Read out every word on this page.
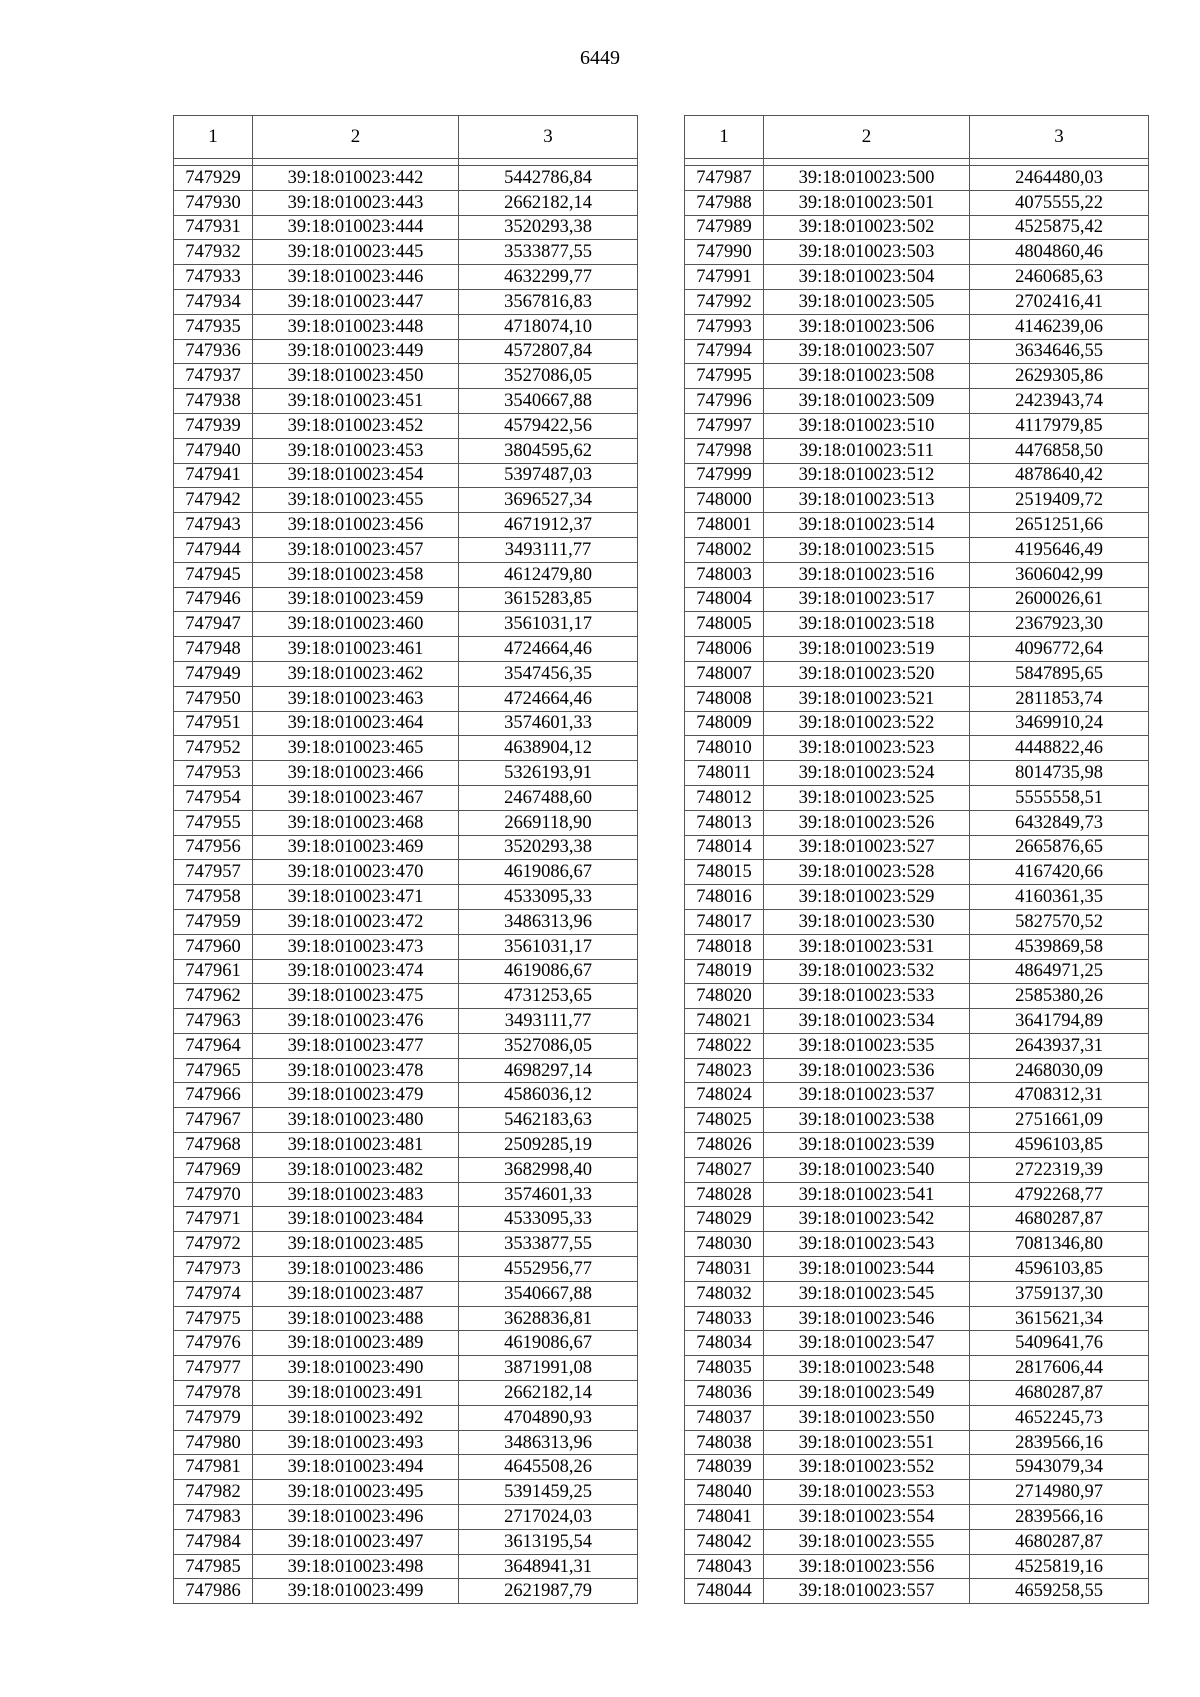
6449
1	2	3

747929	39:18:010023:442	5442786,84
747930	39:18:010023:443	2662182,14
747931	39:18:010023:444	3520293,38
747932	39:18:010023:445	3533877,55
747933	39:18:010023:446	4632299,77
747934	39:18:010023:447	3567816,83
747935	39:18:010023:448	4718074,10
747936	39:18:010023:449	4572807,84
747937	39:18:010023:450	3527086,05
747938	39:18:010023:451	3540667,88
747939	39:18:010023:452	4579422,56
747940	39:18:010023:453	3804595,62
747941	39:18:010023:454	5397487,03
747942	39:18:010023:455	3696527,34
747943	39:18:010023:456	4671912,37
747944	39:18:010023:457	3493111,77
747945	39:18:010023:458	4612479,80
747946	39:18:010023:459	3615283,85
747947	39:18:010023:460	3561031,17
747948	39:18:010023:461	4724664,46
747949	39:18:010023:462	3547456,35
747950	39:18:010023:463	4724664,46
747951	39:18:010023:464	3574601,33
747952	39:18:010023:465	4638904,12
747953	39:18:010023:466	5326193,91
747954	39:18:010023:467	2467488,60
747955	39:18:010023:468	2669118,90
747956	39:18:010023:469	3520293,38
747957	39:18:010023:470	4619086,67
747958	39:18:010023:471	4533095,33
747959	39:18:010023:472	3486313,96
747960	39:18:010023:473	3561031,17
747961	39:18:010023:474	4619086,67
747962	39:18:010023:475	4731253,65
747963	39:18:010023:476	3493111,77
747964	39:18:010023:477	3527086,05
747965	39:18:010023:478	4698297,14
747966	39:18:010023:479	4586036,12
747967	39:18:010023:480	5462183,63
747968	39:18:010023:481	2509285,19
747969	39:18:010023:482	3682998,40
747970	39:18:010023:483	3574601,33
747971	39:18:010023:484	4533095,33
747972	39:18:010023:485	3533877,55
747973	39:18:010023:486	4552956,77
747974	39:18:010023:487	3540667,88
747975	39:18:010023:488	3628836,81
747976	39:18:010023:489	4619086,67
747977	39:18:010023:490	3871991,08
747978	39:18:010023:491	2662182,14
747979	39:18:010023:492	4704890,93
747980	39:18:010023:493	3486313,96
747981	39:18:010023:494	4645508,26
747982	39:18:010023:495	5391459,25
747983	39:18:010023:496	2717024,03
747984	39:18:010023:497	3613195,54
747985	39:18:010023:498	3648941,31
747986	39:18:010023:499	2621987,79
1	2	3

747987	39:18:010023:500	2464480,03
747988	39:18:010023:501	4075555,22
747989	39:18:010023:502	4525875,42
747990	39:18:010023:503	4804860,46
747991	39:18:010023:504	2460685,63
747992	39:18:010023:505	2702416,41
747993	39:18:010023:506	4146239,06
747994	39:18:010023:507	3634646,55
747995	39:18:010023:508	2629305,86
747996	39:18:010023:509	2423943,74
747997	39:18:010023:510	4117979,85
747998	39:18:010023:511	4476858,50
747999	39:18:010023:512	4878640,42
748000	39:18:010023:513	2519409,72
748001	39:18:010023:514	2651251,66
748002	39:18:010023:515	4195646,49
748003	39:18:010023:516	3606042,99
748004	39:18:010023:517	2600026,61
748005	39:18:010023:518	2367923,30
748006	39:18:010023:519	4096772,64
748007	39:18:010023:520	5847895,65
748008	39:18:010023:521	2811853,74
748009	39:18:010023:522	3469910,24
748010	39:18:010023:523	4448822,46
748011	39:18:010023:524	8014735,98
748012	39:18:010023:525	5555558,51
748013	39:18:010023:526	6432849,73
748014	39:18:010023:527	2665876,65
748015	39:18:010023:528	4167420,66
748016	39:18:010023:529	4160361,35
748017	39:18:010023:530	5827570,52
748018	39:18:010023:531	4539869,58
748019	39:18:010023:532	4864971,25
748020	39:18:010023:533	2585380,26
748021	39:18:010023:534	3641794,89
748022	39:18:010023:535	2643937,31
748023	39:18:010023:536	2468030,09
748024	39:18:010023:537	4708312,31
748025	39:18:010023:538	2751661,09
748026	39:18:010023:539	4596103,85
748027	39:18:010023:540	2722319,39
748028	39:18:010023:541	4792268,77
748029	39:18:010023:542	4680287,87
748030	39:18:010023:543	7081346,80
748031	39:18:010023:544	4596103,85
748032	39:18:010023:545	3759137,30
748033	39:18:010023:546	3615621,34
748034	39:18:010023:547	5409641,76
748035	39:18:010023:548	2817606,44
748036	39:18:010023:549	4680287,87
748037	39:18:010023:550	4652245,73
748038	39:18:010023:551	2839566,16
748039	39:18:010023:552	5943079,34
748040	39:18:010023:553	2714980,97
748041	39:18:010023:554	2839566,16
748042	39:18:010023:555	4680287,87
748043	39:18:010023:556	4525819,16
748044	39:18:010023:557	4659258,55
